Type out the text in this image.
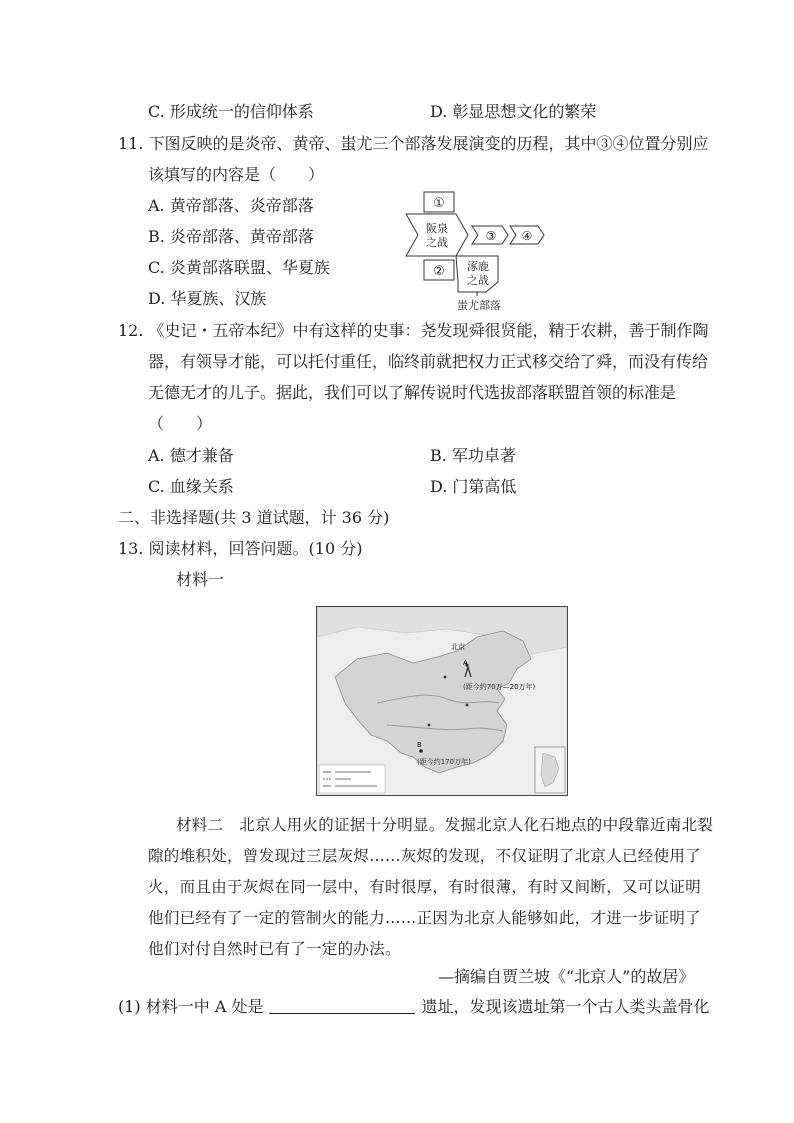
C. 形成统一的信仰体系	D. 彰显思想文化的繁荣
11. 下图反映的是炎帝、黄帝、蚩尤三个部落发展演变的历程，其中③④位置分别应
该填写的内容是（　　）
A. 黄帝部落、炎帝部落
B. 炎帝部落、黄帝部落
C. 炎黄部落联盟、华夏族
D. 华夏族、汉族
①
②
阪泉
之战	③ ④
涿鹿
之战
蚩尤部落
12. 《史记・五帝本纪》中有这样的史事：尧发现舜很贤能，精于农耕，善于制作陶
器，有领导才能，可以托付重任，临终前就把权力正式移交给了舜，而没有传给
无德无才的儿子。据此，我们可以了解传说时代选拔部落联盟首领的标准是
（　　）
A. 德才兼备	B. 军功卓著
C. 血缘关系	D. 门第高低
二、非选择题(共 3 道试题，计 36 分)
13. 阅读材料，回答问题。(10 分)
材料一
北京
A
(距今约70万—20万年)
B
(距今约170万年)
材料二　北京人用火的证据十分明显。发掘北京人化石地点的中段靠近南北裂
隙的堆积处，曾发现过三层灰烬……灰烬的发现，不仅证明了北京人已经使用了
火，而且由于灰烬在同一层中，有时很厚，有时很薄，有时又间断，又可以证明
他们已经有了一定的管制火的能力……正因为北京人能够如此，才进一步证明了
他们对付自然时已有了一定的办法。
—摘编自贾兰坡《“北京人”的故居》
(1) 材料一中 A 处是	遗址，发现该遗址第一个古人类头盖骨化
